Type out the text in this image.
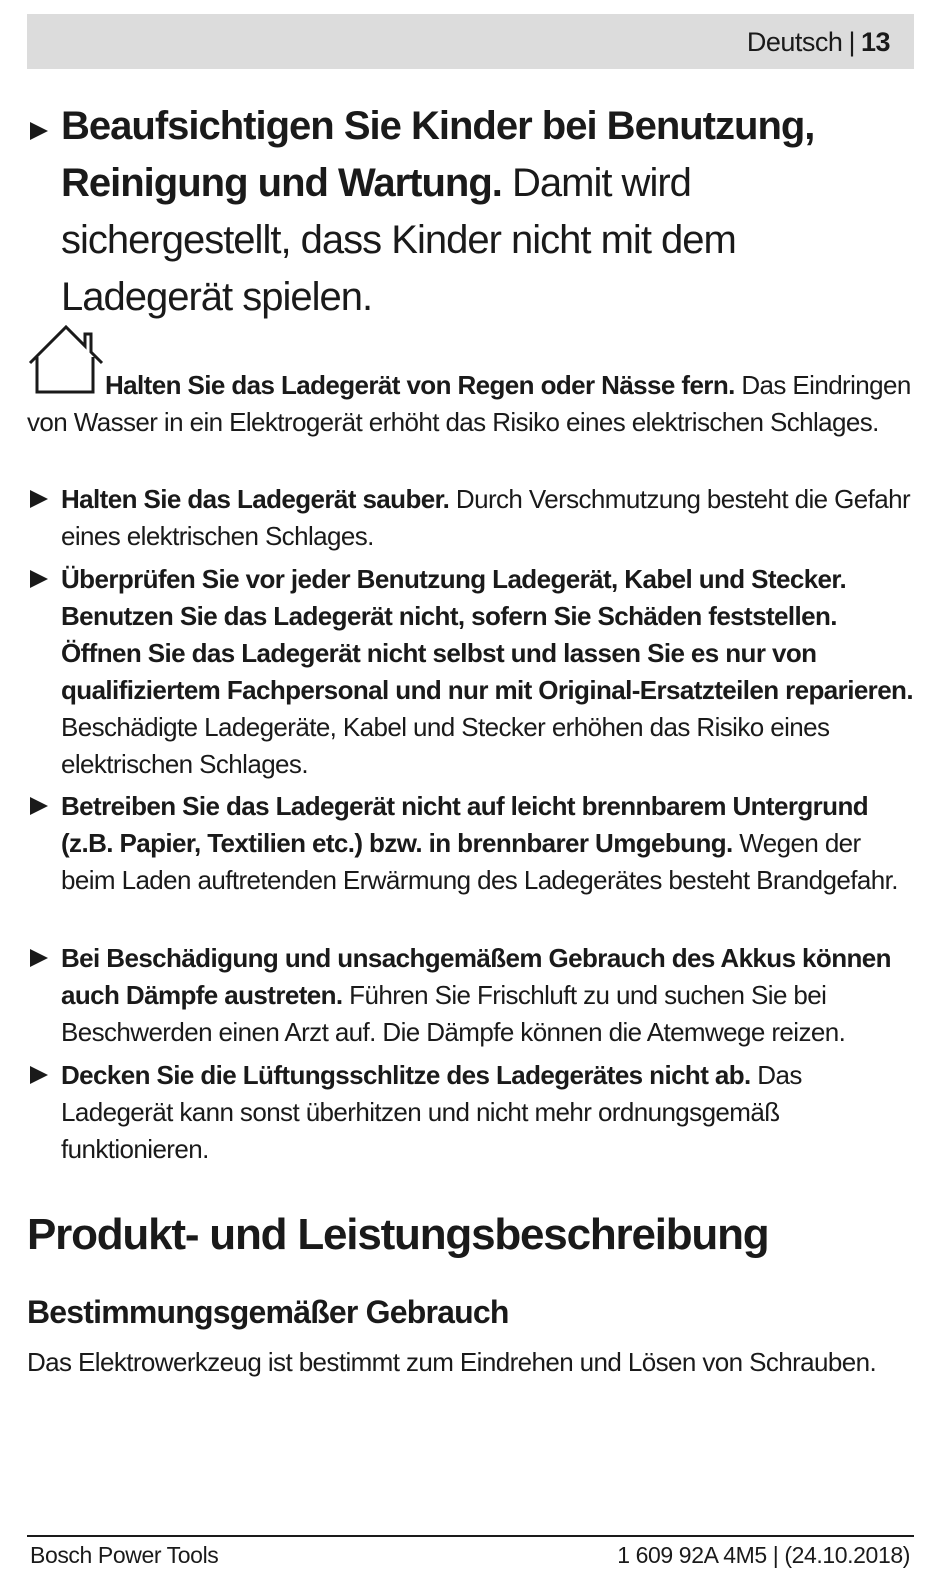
Deutsch | 13
Beaufsichtigen Sie Kinder bei Benutzung, Reinigung und Wartung. Damit wird sichergestellt, dass Kinder nicht mit dem Ladegerät spielen.
Halten Sie das Ladegerät von Regen oder Nässe fern. Das Eindringen von Wasser in ein Elektrogerät erhöht das Risiko eines elektrischen Schlages.
Halten Sie das Ladegerät sauber. Durch Verschmutzung besteht die Gefahr eines elektrischen Schlages.
Überprüfen Sie vor jeder Benutzung Ladegerät, Kabel und Stecker. Benutzen Sie das Ladegerät nicht, sofern Sie Schäden feststellen. Öffnen Sie das Ladegerät nicht selbst und lassen Sie es nur von qualifiziertem Fachpersonal und nur mit Original-Ersatzteilen reparieren. Beschädigte Ladegeräte, Kabel und Stecker erhöhen das Risiko eines elektrischen Schlages.
Betreiben Sie das Ladegerät nicht auf leicht brennbarem Untergrund (z.B. Papier, Textilien etc.) bzw. in brennbarer Umgebung. Wegen der beim Laden auftretenden Erwärmung des Ladegerätes besteht Brandgefahr.
Bei Beschädigung und unsachgemäßem Gebrauch des Akkus können auch Dämpfe austreten. Führen Sie Frischluft zu und suchen Sie bei Beschwerden einen Arzt auf. Die Dämpfe können die Atemwege reizen.
Decken Sie die Lüftungsschlitze des Ladegerätes nicht ab. Das Ladegerät kann sonst überhitzen und nicht mehr ordnungsgemäß funktionieren.
Produkt- und Leistungsbeschreibung
Bestimmungsgemäßer Gebrauch
Das Elektrowerkzeug ist bestimmt zum Eindrehen und Lösen von Schrauben.
Bosch Power Tools	1 609 92A 4M5 | (24.10.2018)
